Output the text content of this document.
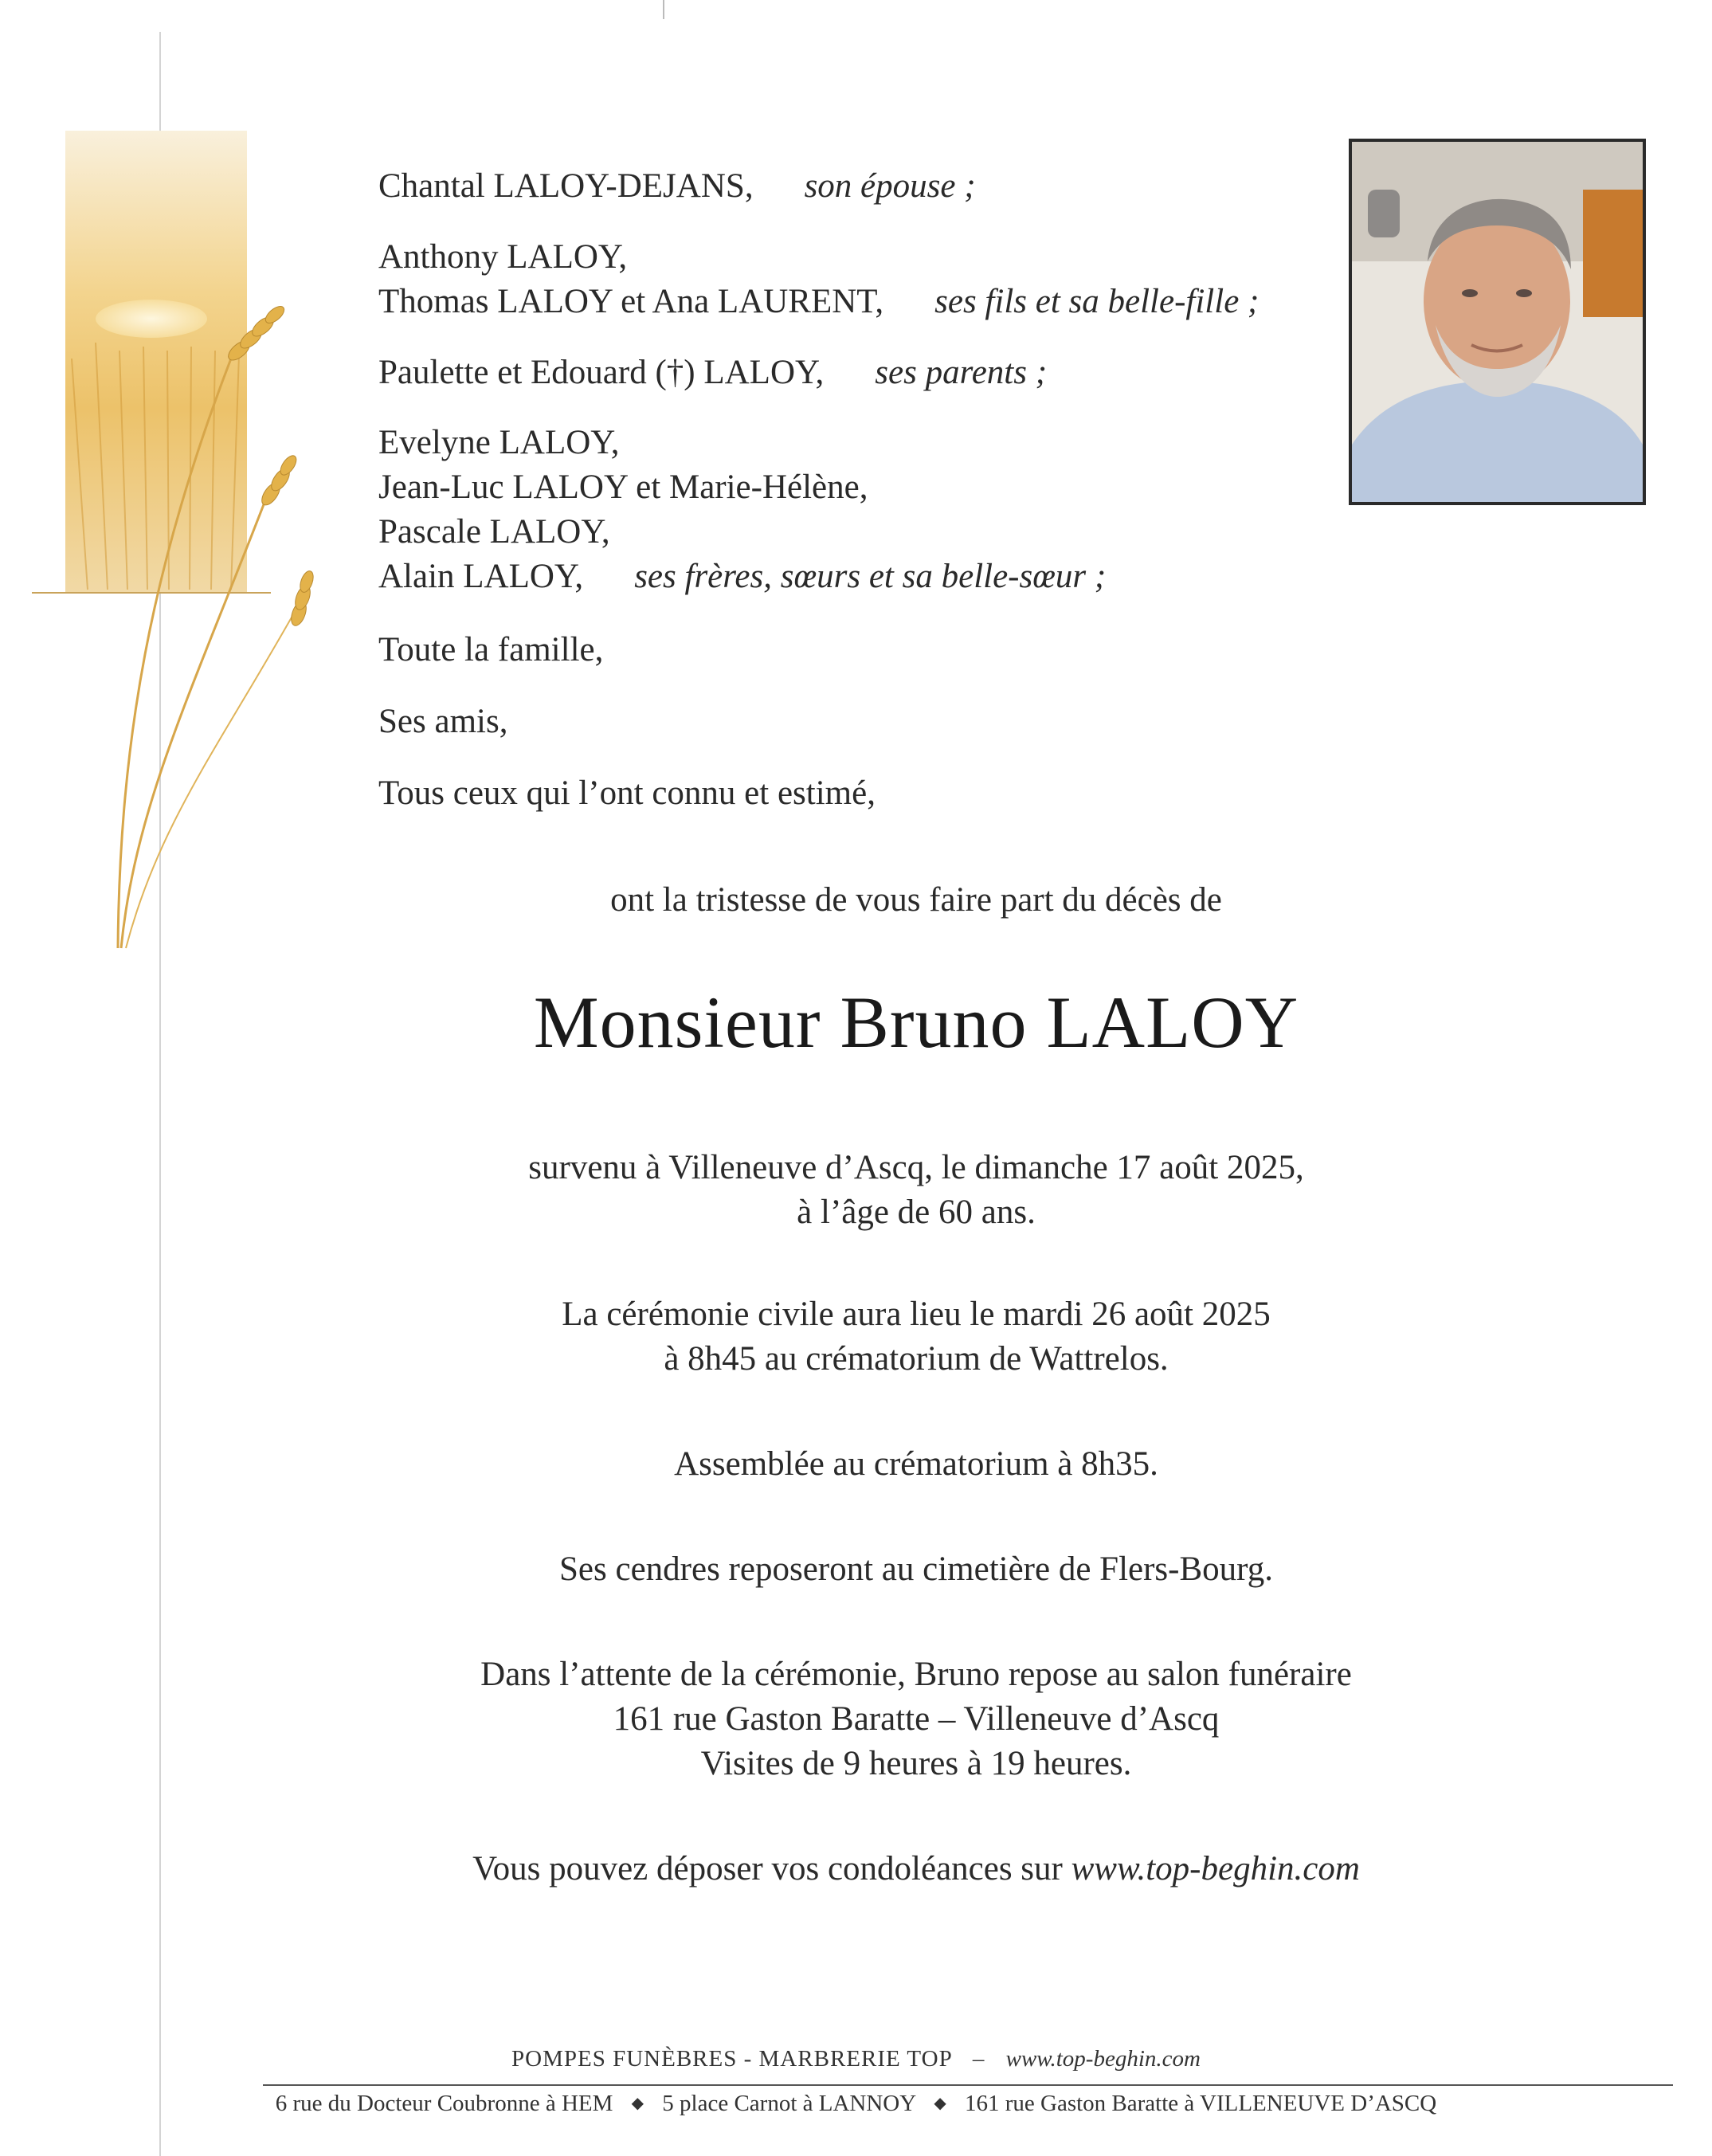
Chantal LALOY-DEJANS, son épouse ;
Anthony LALOY,
Thomas LALOY et Ana LAURENT, ses fils et sa belle-fille ;
Paulette et Edouard (†) LALOY, ses parents ;
Evelyne LALOY,
Jean-Luc LALOY et Marie-Hélène,
Pascale LALOY,
Alain LALOY, ses frères, sœurs et sa belle-sœur ;
Toute la famille,
Ses amis,
Tous ceux qui l’ont connu et estimé,
ont la tristesse de vous faire part du décès de
Monsieur Bruno LALOY
survenu à Villeneuve d’Ascq, le dimanche 17 août 2025,
à l’âge de 60 ans.
La cérémonie civile aura lieu le mardi 26 août 2025
à 8h45 au crématorium de Wattrelos.
Assemblée au crématorium à 8h35.
Ses cendres reposeront au cimetière de Flers-Bourg.
Dans l’attente de la cérémonie, Bruno repose au salon funéraire
161 rue Gaston Baratte – Villeneuve d’Ascq
Visites de 9 heures à 19 heures.
Vous pouvez déposer vos condoléances sur www.top-beghin.com
POMPES FUNÈBRES - MARBRERIE TOP – www.top-beghin.com
6 rue du Docteur Coubronne à HEM ◆ 5 place Carnot à LANNOY ◆ 161 rue Gaston Baratte à VILLENEUVE D’ASCQ
